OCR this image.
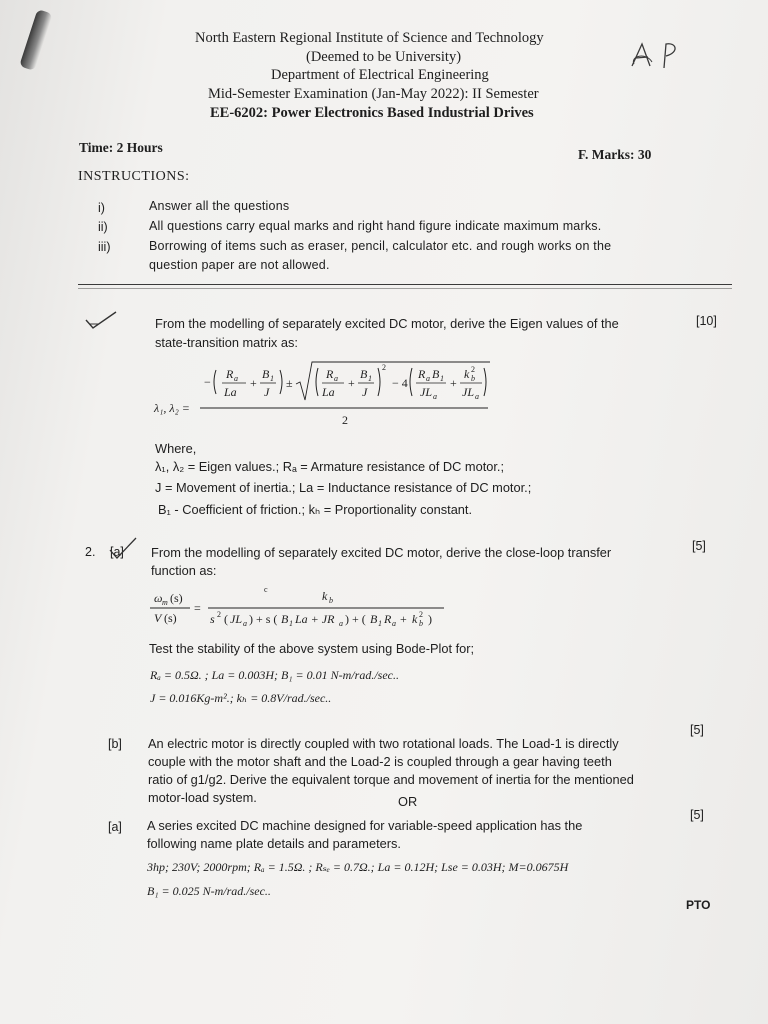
North Eastern Regional Institute of Science and Technology
(Deemed to be University)
Department of Electrical Engineering
Mid-Semester Examination (Jan-May 2022): II Semester
EE-6202: Power Electronics Based Industrial Drives
Time: 2 Hours	F. Marks: 30
INSTRUCTIONS:
i)	Answer all the questions
ii)	All questions carry equal marks and right hand figure indicate maximum marks.
iii)	Borrowing of items such as eraser, pencil, calculator etc. and rough works on the
question paper are not allowed.
From the modelling of separately excited DC motor, derive the Eigen values of the
state-transition matrix as:
[10]
λ₁, λ₂ =
2
−
R a
La
+
B 1
J
±
R a
La
+
B 1
J
2
− 4
R a B 1
JL a
+
k 2
b
JL a
Where,
λ₁, λ₂ = Eigen values.; Rₐ = Armature resistance of DC motor.;
J = Movement of inertia.; La = Inductance resistance of DC motor.;
B₁ - Coefficient of friction.; kₕ = Proportionality constant.
2. [a] From the modelling of separately excited DC motor, derive the close-loop transfer
function as:
[5]
ω m (s)
V (s)
=
c	k b
s 2 ( JL a ) + s ( B 1 La + JR a ) + ( B 1 R a + k 2
b )
Test the stability of the above system using Bode-Plot for;
Rₐ = 0.5Ω. ; La = 0.003H; B₁ = 0.01 N-m/rad./sec..
J = 0.016Kg-m².; kₕ = 0.8V/rad./sec..
[b] An electric motor is directly coupled with two rotational loads. The Load-1 is directly
couple with the motor shaft and the Load-2 is coupled through a gear having teeth
ratio of g1/g2. Derive the equivalent torque and movement of inertia for the mentioned
motor-load system.
[5]
OR
[a] A series excited DC machine designed for variable-speed application has the
following name plate details and parameters.
[5]
3hp; 230V; 2000rpm; Rₐ = 1.5Ω. ; Rₛₑ = 0.7Ω.; La = 0.12H; Lse = 0.03H; M=0.0675H
B₁ = 0.025 N-m/rad./sec..
PTO
